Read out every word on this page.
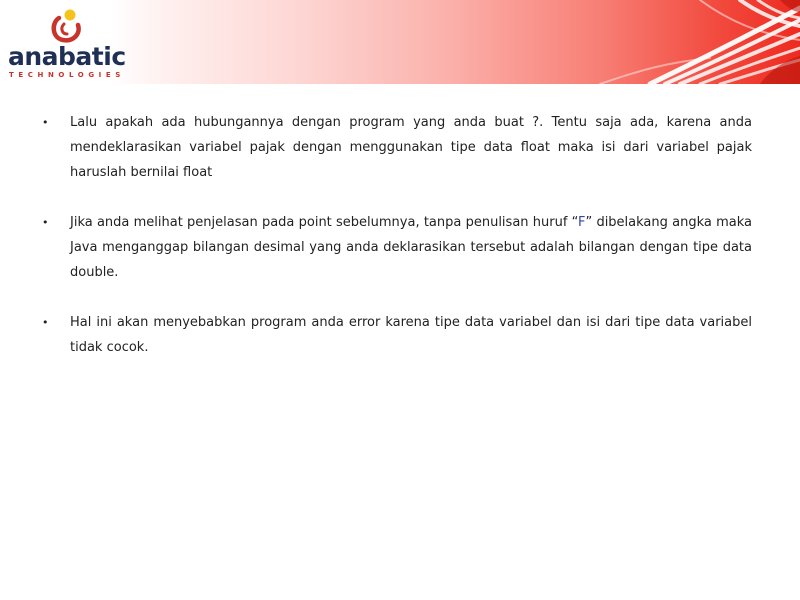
anabatic
TECHNOLOGIES
• Lalu apakah ada hubungannya dengan program yang anda buat ?. Tentu saja ada, karena anda mendeklarasikan variabel pajak dengan menggunakan tipe data float maka isi dari variabel pajak haruslah bernilai float
• Jika anda melihat penjelasan pada point sebelumnya, tanpa penulisan huruf “F” dibelakang angka maka Java menganggap bilangan desimal yang anda deklarasikan tersebut adalah bilangan dengan tipe data double.
• Hal ini akan menyebabkan program anda error karena tipe data variabel dan isi dari tipe data variabel tidak cocok.
